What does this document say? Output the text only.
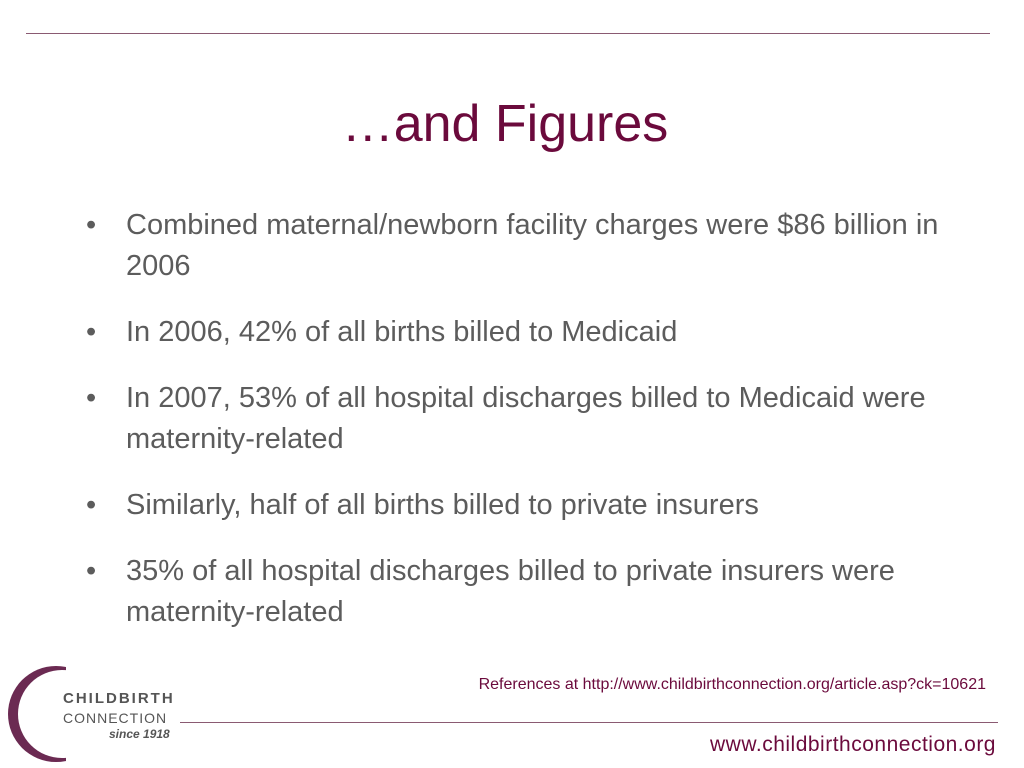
…and Figures
• Combined maternal/newborn facility charges were $86 billion in 2006
• In 2006, 42% of all births billed to Medicaid
• In 2007, 53% of all hospital discharges billed to Medicaid were maternity-related
• Similarly, half of all births billed to private insurers
• 35% of all hospital discharges billed to private insurers were maternity-related
References at http://www.childbirthconnection.org/article.asp?ck=10621
CHILDBIRTH
CONNECTION
since 1918	www.childbirthconnection.org
